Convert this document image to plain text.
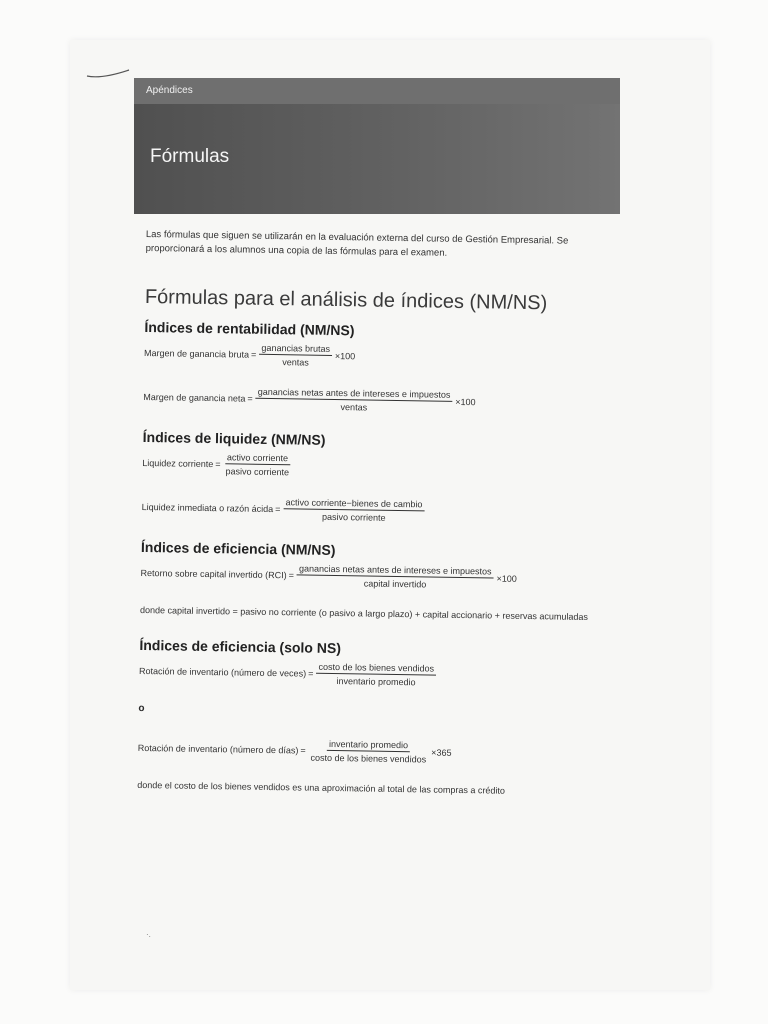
Apéndices
Fórmulas

Las fórmulas que siguen se utilizarán en la evaluación externa del curso de Gestión Empresarial. Se proporcionará a los alumnos una copia de las fórmulas para el examen.

Fórmulas para el análisis de índices (NM/NS)
Índices de rentabilidad (NM/NS)
Margen de ganancia bruta = $\frac{\text{ganancias brutas}}{\text{ventas}} \times 100$
Margen de ganancia neta = $\frac{\text{ganancias netas antes de intereses e impuestos}}{\text{ventas}} \times 100$
Índices de liquidez (NM/NS)
Liquidez corriente = $\frac{\text{activo corriente}}{\text{pasivo corriente}}$
Liquidez inmediata o razón ácida = $\frac{\text{activo corriente−bienes de cambio}}{\text{pasivo corriente}}$
Índices de eficiencia (NM/NS)
Retorno sobre capital invertido $(RCI) = \frac{\text{ganancias netas antes de intereses e impuestos}}{\text{capital invertido}} \times 100$
donde capital invertido = pasivo no corriente (o pasivo a largo plazo) + capital accionario + reservas acumuladas
Índices de eficiencia (solo NS)
Rotación de inventario (número de veces) = $\frac{\text{costo de los bienes vendidos}}{\text{inventario promedio}}$
o
Rotación de inventario (número de días) = $\frac{\text{inventario promedio}}{\text{costo de los bienes vendidos}} \times 365$
donde el costo de los bienes vendidos es una aproximación al total de las compras a crédito
·.
